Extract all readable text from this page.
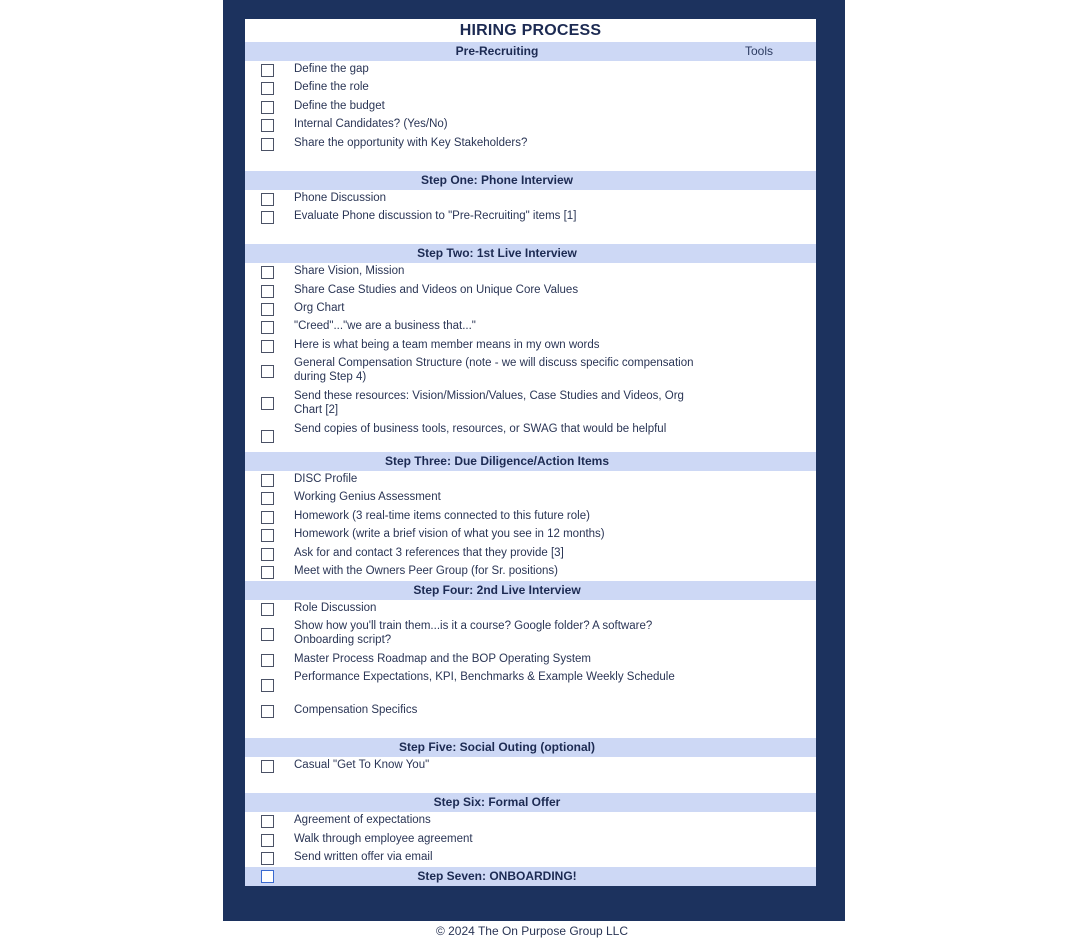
HIRING PROCESS
Pre-Recruiting	Tools
Define the gap
Define the role
Define the budget
Internal Candidates? (Yes/No)
Share the opportunity with Key Stakeholders?
Step One: Phone Interview
Phone Discussion
Evaluate Phone discussion to "Pre-Recruiting" items [1]
Step Two: 1st Live Interview
Share Vision, Mission
Share Case Studies and Videos on Unique Core Values
Org Chart
"Creed"..."we are a business that..."
Here is what being a team member means in my own words
General Compensation Structure (note - we will discuss specific compensation during Step 4)
Send these resources: Vision/Mission/Values, Case Studies and Videos, Org Chart [2]
Send copies of business tools, resources, or SWAG that would be helpful
Step Three: Due Diligence/Action Items
DISC Profile
Working Genius Assessment
Homework (3 real-time items connected to this future role)
Homework (write a brief vision of what you see in 12 months)
Ask for and contact 3 references that they provide [3]
Meet with the Owners Peer Group (for Sr. positions)
Step Four: 2nd Live Interview
Role Discussion
Show how you'll train them...is it a course? Google folder? A software? Onboarding script?
Master Process Roadmap and the BOP Operating System
Performance Expectations, KPI, Benchmarks & Example Weekly Schedule
Compensation Specifics
Step Five: Social Outing (optional)
Casual "Get To Know You"
Step Six: Formal Offer
Agreement of expectations
Walk through employee agreement
Send written offer via email
Step Seven: ONBOARDING!
© 2024 The On Purpose Group LLC
